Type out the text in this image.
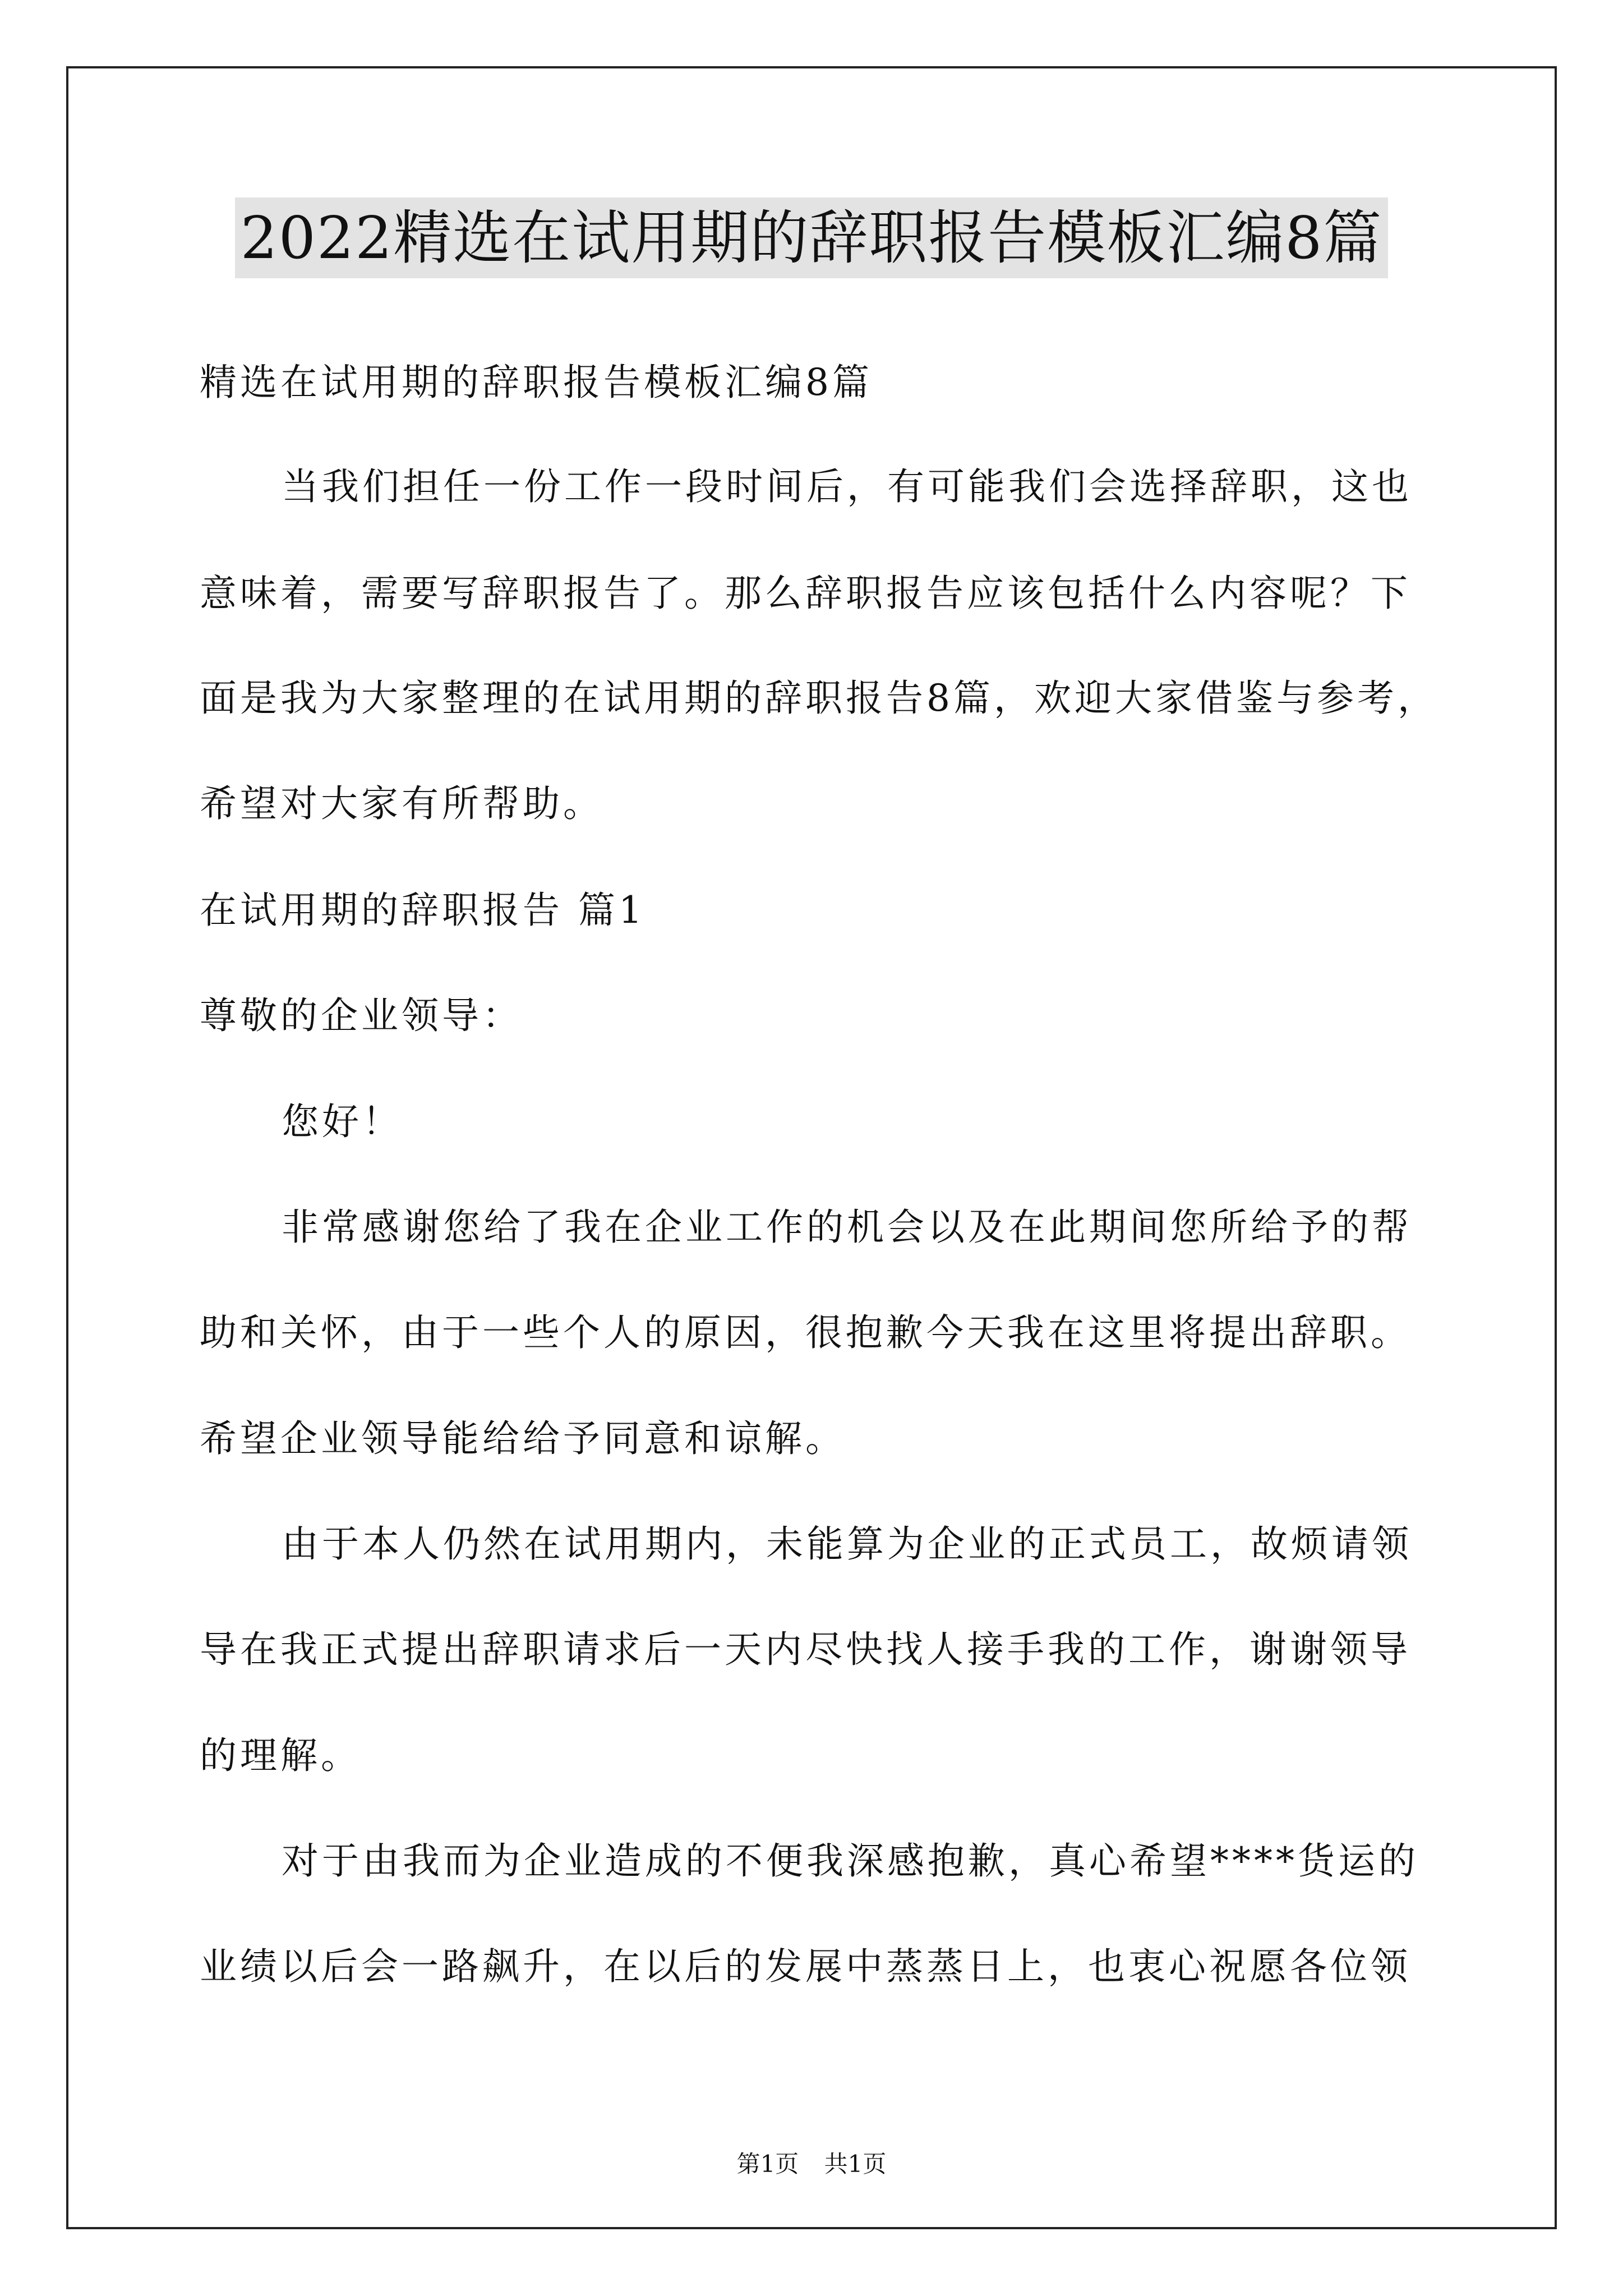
2022精选在试用期的辞职报告模板汇编8篇
精选在试用期的辞职报告模板汇编8篇
当我们担任一份工作一段时间后，有可能我们会选择辞职，这也
意味着，需要写辞职报告了。那么辞职报告应该包括什么内容呢？下
面是我为大家整理的在试用期的辞职报告8篇，欢迎大家借鉴与参考，
希望对大家有所帮助。
在试用期的辞职报告 篇1
尊敬的企业领导：
您好！
非常感谢您给了我在企业工作的机会以及在此期间您所给予的帮
助和关怀，由于一些个人的原因，很抱歉今天我在这里将提出辞职。
希望企业领导能给给予同意和谅解。
由于本人仍然在试用期内，未能算为企业的正式员工，故烦请领
导在我正式提出辞职请求后一天内尽快找人接手我的工作，谢谢领导
的理解。
对于由我而为企业造成的不便我深感抱歉，真心希望****货运的
业绩以后会一路飙升，在以后的发展中蒸蒸日上，也衷心祝愿各位领
第1页 共1页
